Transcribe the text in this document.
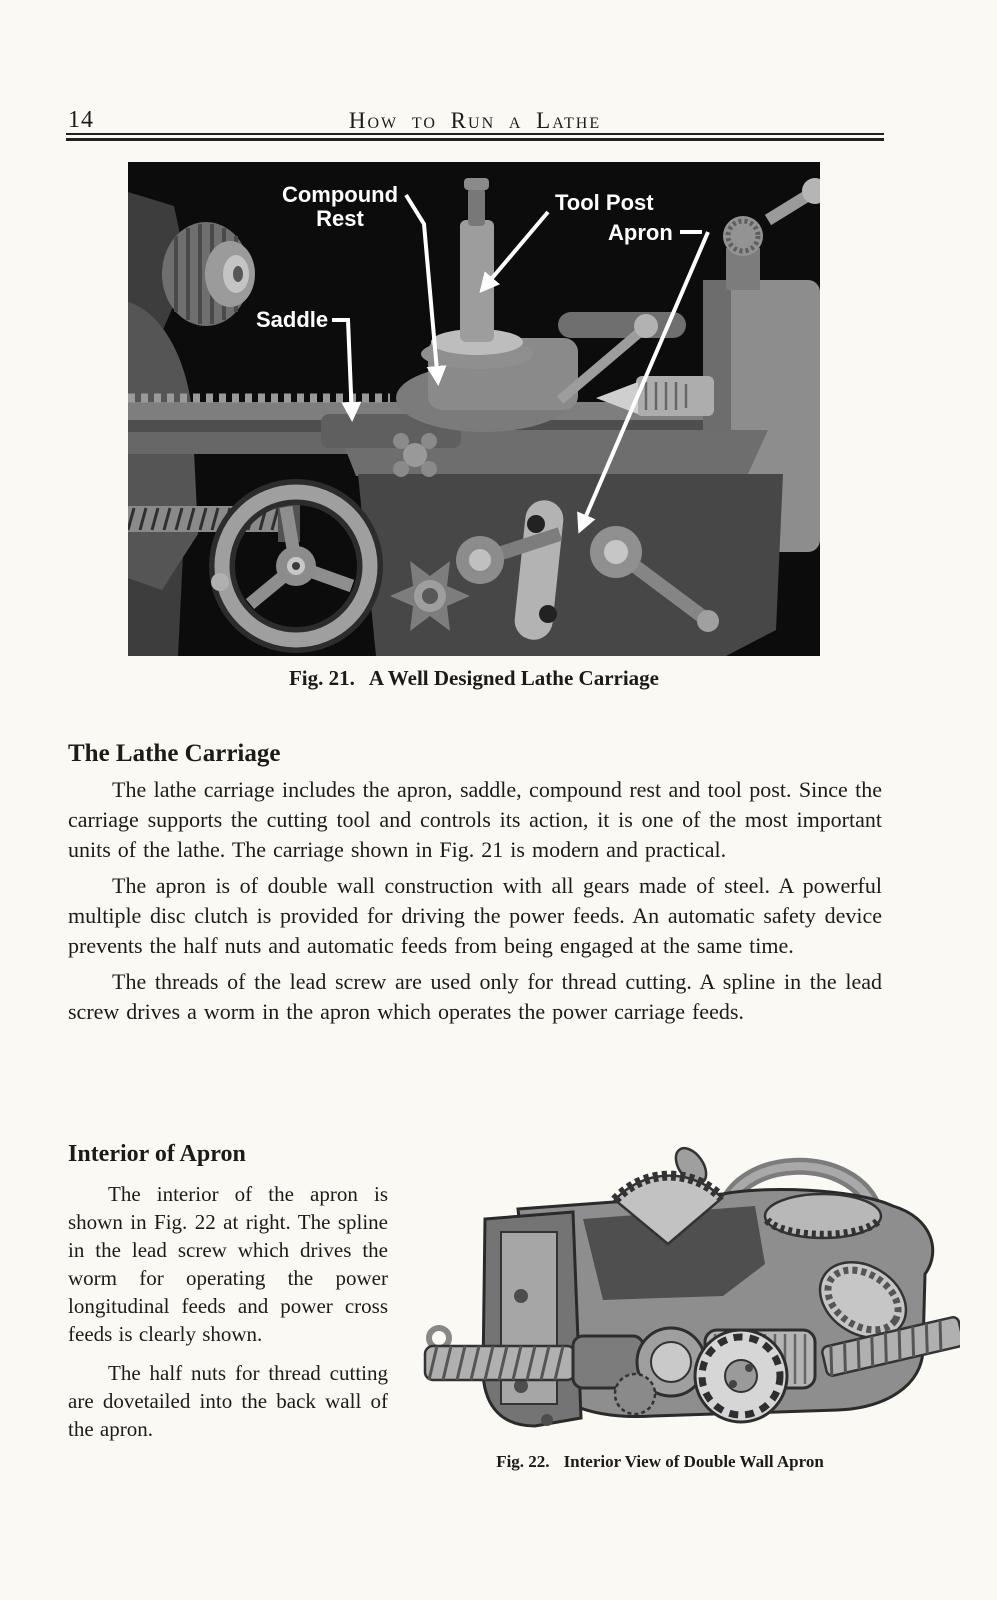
14	How to Run a Lathe
Compound
Rest
Tool Post
Apron
Saddle
Fig. 21. A Well Designed Lathe Carriage
The Lathe Carriage

The lathe carriage includes the apron, saddle, compound rest and tool post. Since the carriage supports the cutting tool and controls its action, it is one of the most important units of the lathe. The carriage shown in Fig. 21 is modern and practical.

The apron is of double wall construction with all gears made of steel. A powerful multiple disc clutch is provided for driving the power feeds. An automatic safety device prevents the half nuts and automatic feeds from being engaged at the same time.

The threads of the lead screw are used only for thread cutting. A spline in the lead screw drives a worm in the apron which operates the power carriage feeds.

Interior of Apron

The interior of the apron is shown in Fig. 22 at right. The spline in the lead screw which drives the worm for operating the power longitudinal feeds and power cross feeds is clearly shown.

The half nuts for thread cutting are dovetailed into the back wall of the apron.

Fig. 22. Interior View of Double Wall Apron
